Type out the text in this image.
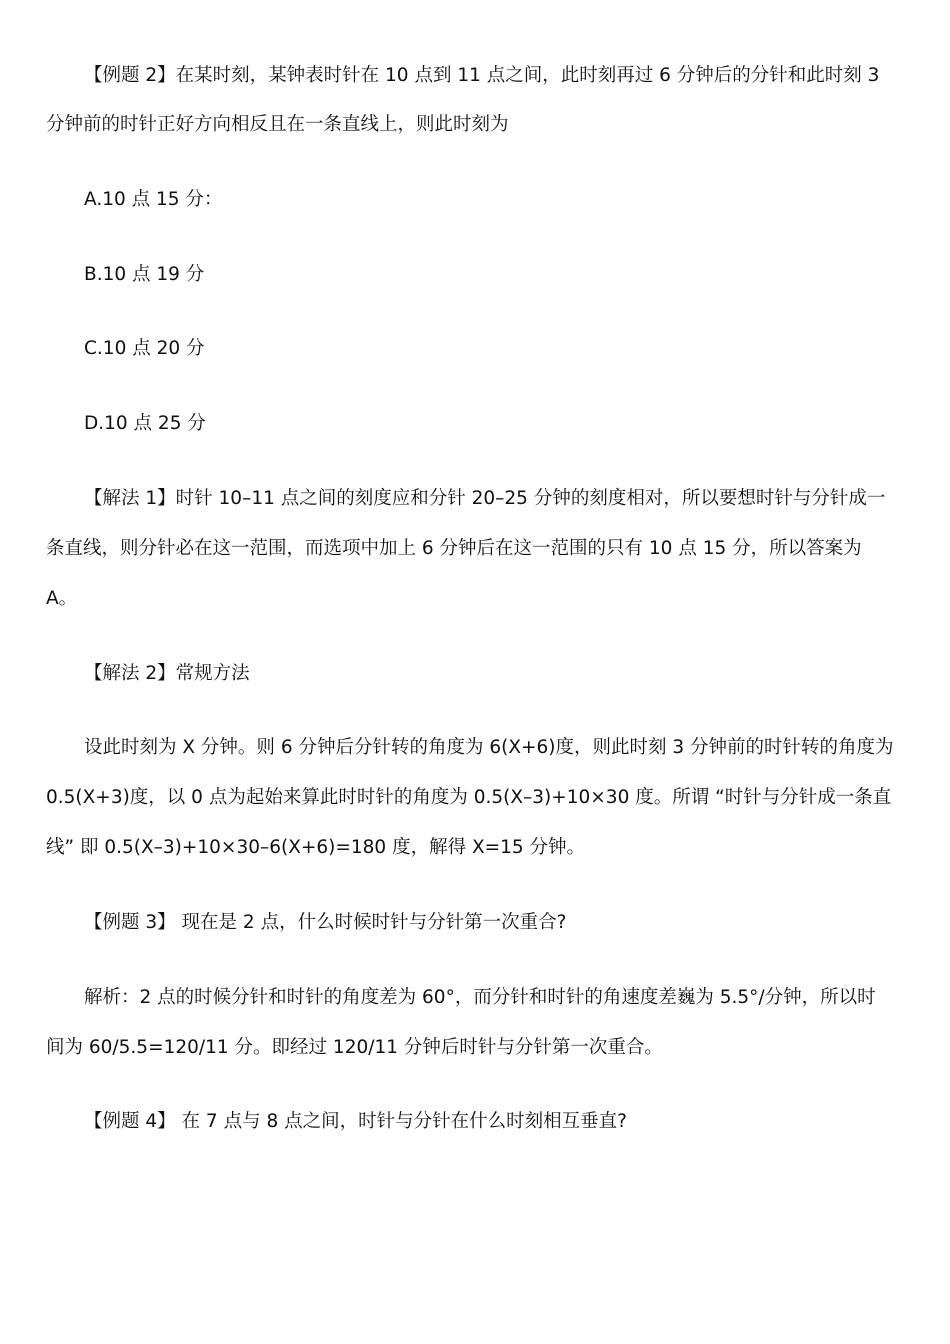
【例题 2】在某时刻，某钟表时针在 10 点到 11 点之间，此时刻再过 6 分钟后的分针和此时刻 3
分钟前的时针正好方向相反且在一条直线上，则此时刻为
A.10 点 15 分：
B.10 点 19 分
C.10 点 20 分
D.10 点 25 分
【解法 1】时针 10–11 点之间的刻度应和分针 20–25 分钟的刻度相对，所以要想时针与分针成一
条直线，则分针必在这一范围，而选项中加上 6 分钟后在这一范围的只有 10 点 15 分，所以答案为
A。
【解法 2】常规方法
设此时刻为 X 分钟。则 6 分钟后分针转的角度为 6(X+6)度，则此时刻 3 分钟前的时针转的角度为
0.5(X+3)度，以 0 点为起始来算此时时针的角度为 0.5(X–3)+10×30 度。所谓 “时针与分针成一条直
线” 即 0.5(X–3)+10×30–6(X+6)=180 度，解得 X=15 分钟。
【例题 3】 现在是 2 点，什么时候时针与分针第一次重合?
解析：2 点的时候分针和时针的角度差为 60°，而分针和时针的角速度差巍为 5.5°/分钟，所以时
间为 60/5.5=120/11 分。即经过 120/11 分钟后时针与分针第一次重合。
【例题 4】 在 7 点与 8 点之间，时针与分针在什么时刻相互垂直?
